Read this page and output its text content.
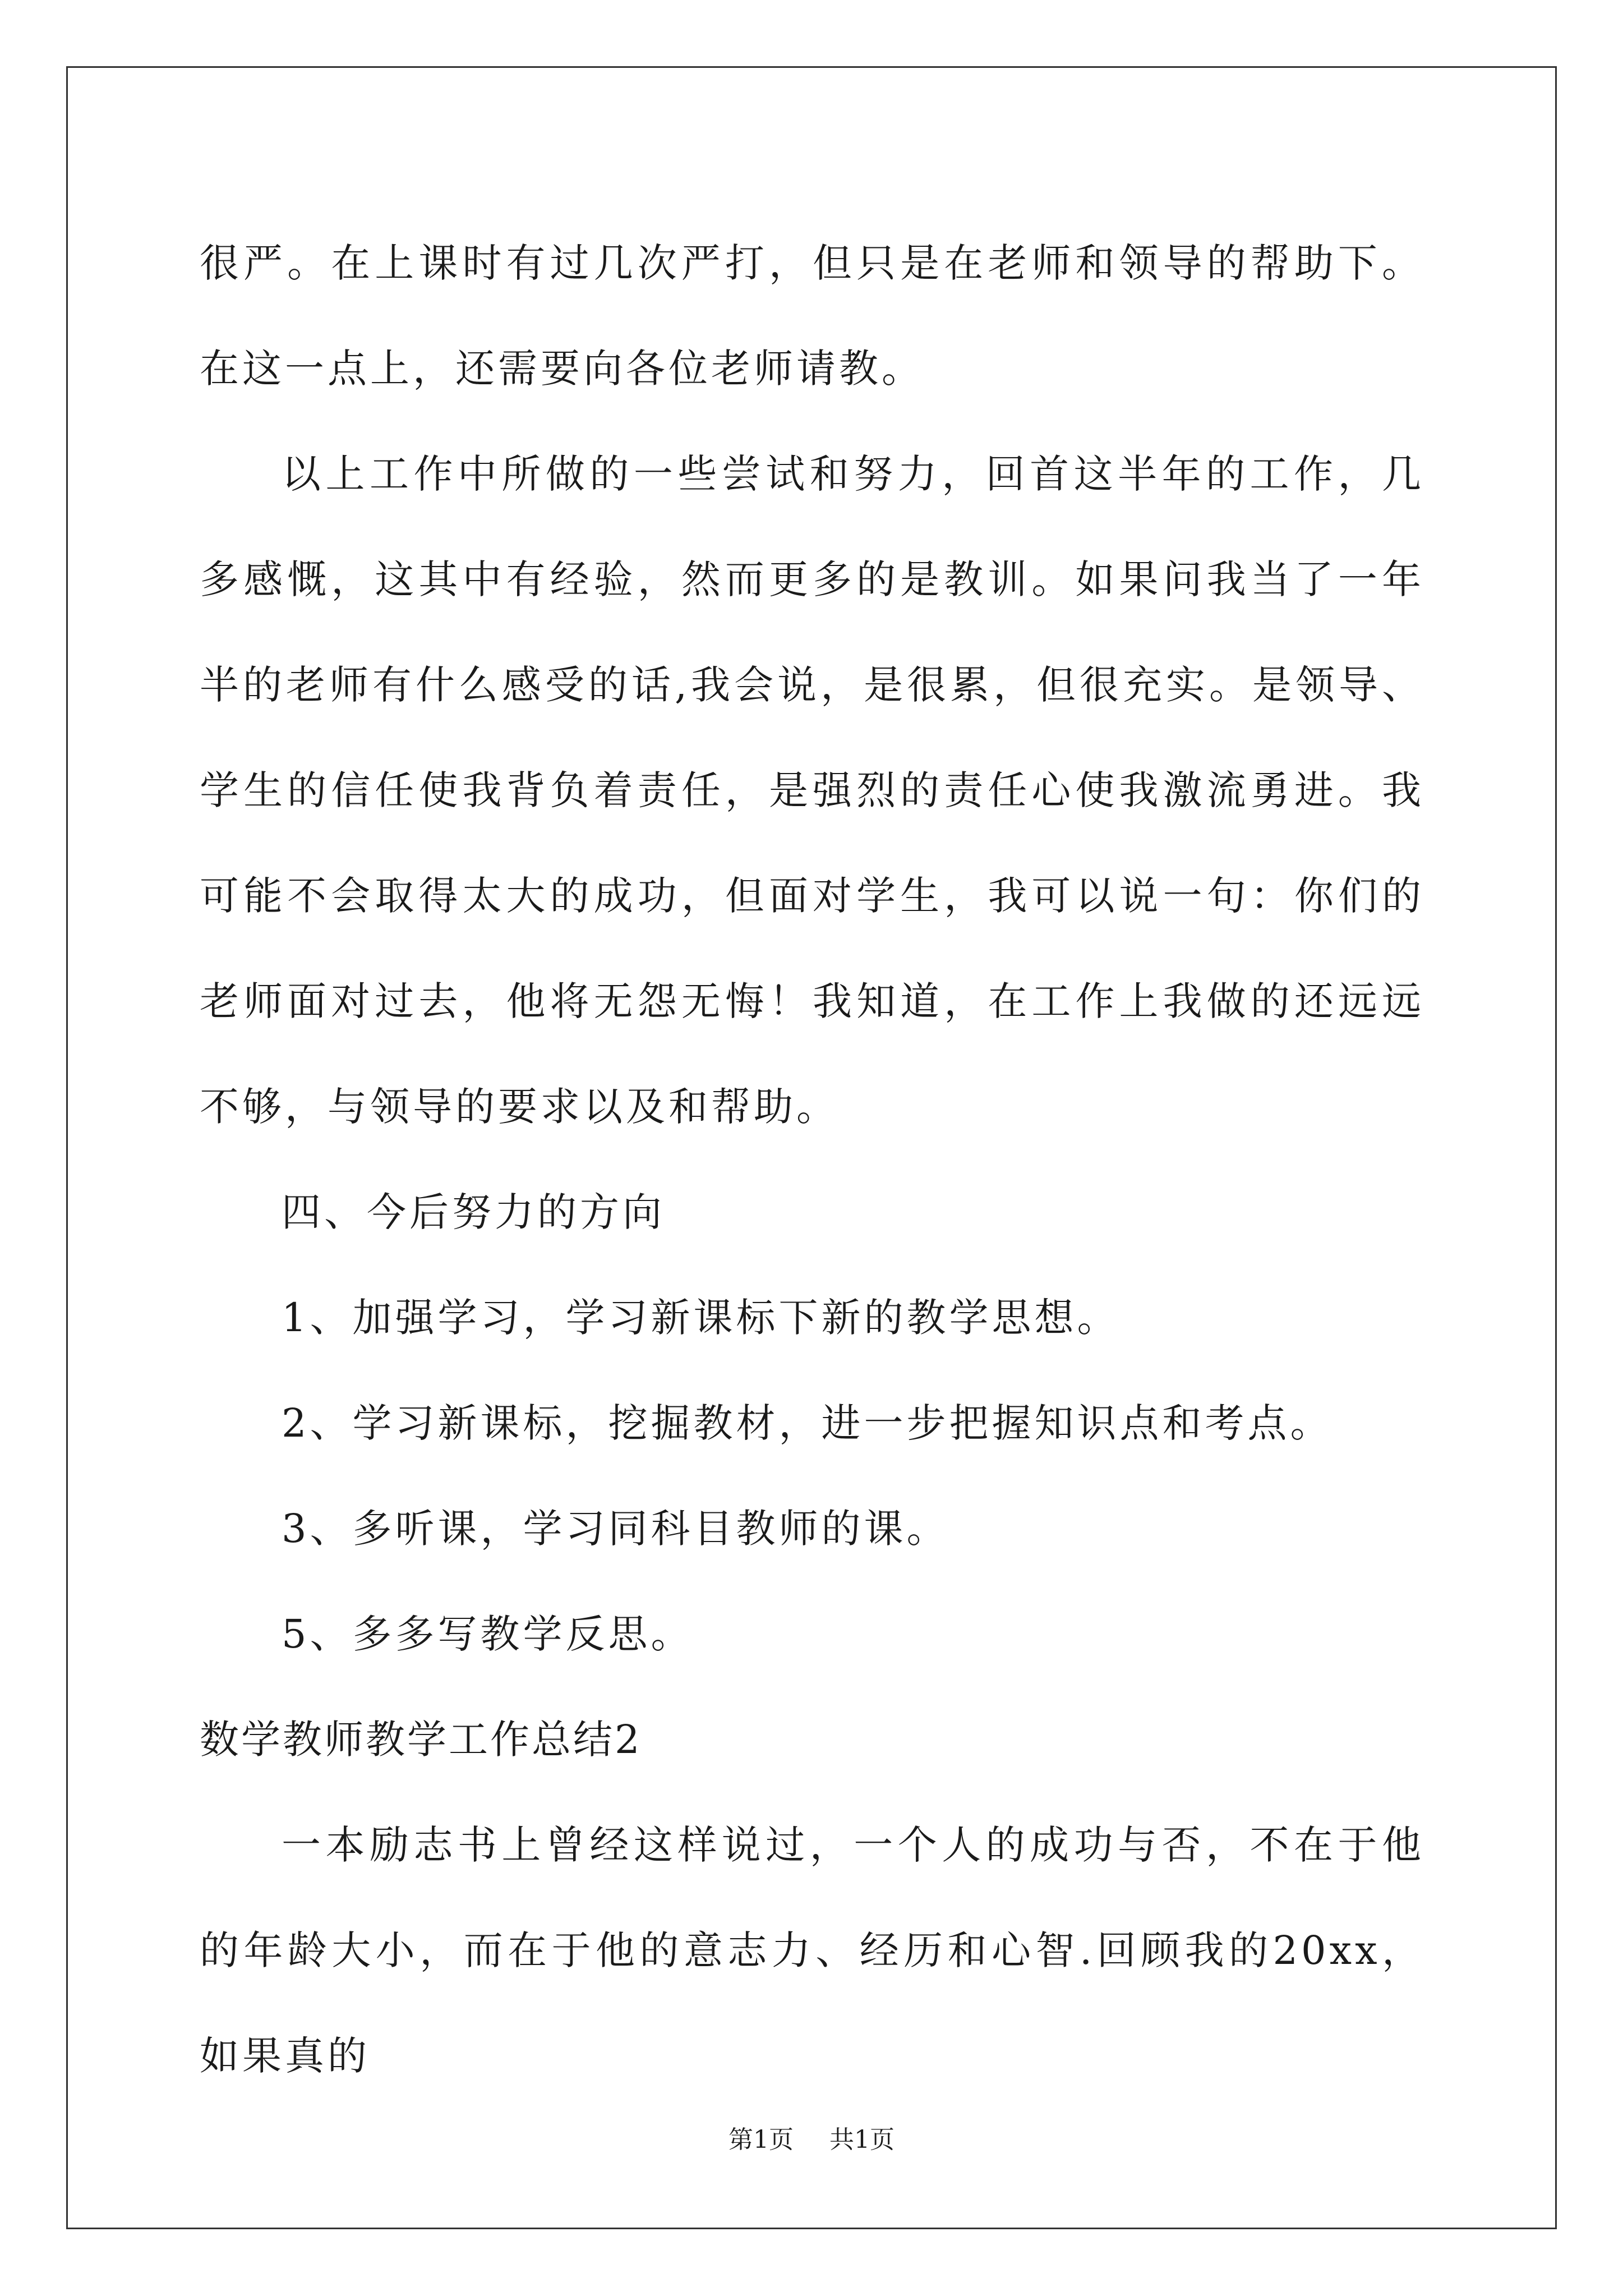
很严。在上课时有过几次严打，但只是在老师和领导的帮助下。在这一点上，还需要向各位老师请教。

以上工作中所做的一些尝试和努力，回首这半年的工作，几多感慨，这其中有经验，然而更多的是教训。如果问我当了一年半的老师有什么感受的话,我会说，是很累，但很充实。是领导、学生的信任使我背负着责任，是强烈的责任心使我激流勇进。我可能不会取得太大的成功，但面对学生，我可以说一句：你们的老师面对过去，他将无怨无悔！我知道，在工作上我做的还远远不够，与领导的要求以及和帮助。

四、今后努力的方向

1、加强学习，学习新课标下新的教学思想。

2、学习新课标，挖掘教材，进一步把握知识点和考点。

3、多听课，学习同科目教师的课。

5、多多写教学反思。

数学教师教学工作总结2

一本励志书上曾经这样说过，一个人的成功与否，不在于他的年龄大小，而在于他的意志力、经历和心智.回顾我的20xx，如果真的

第1页 共1页
